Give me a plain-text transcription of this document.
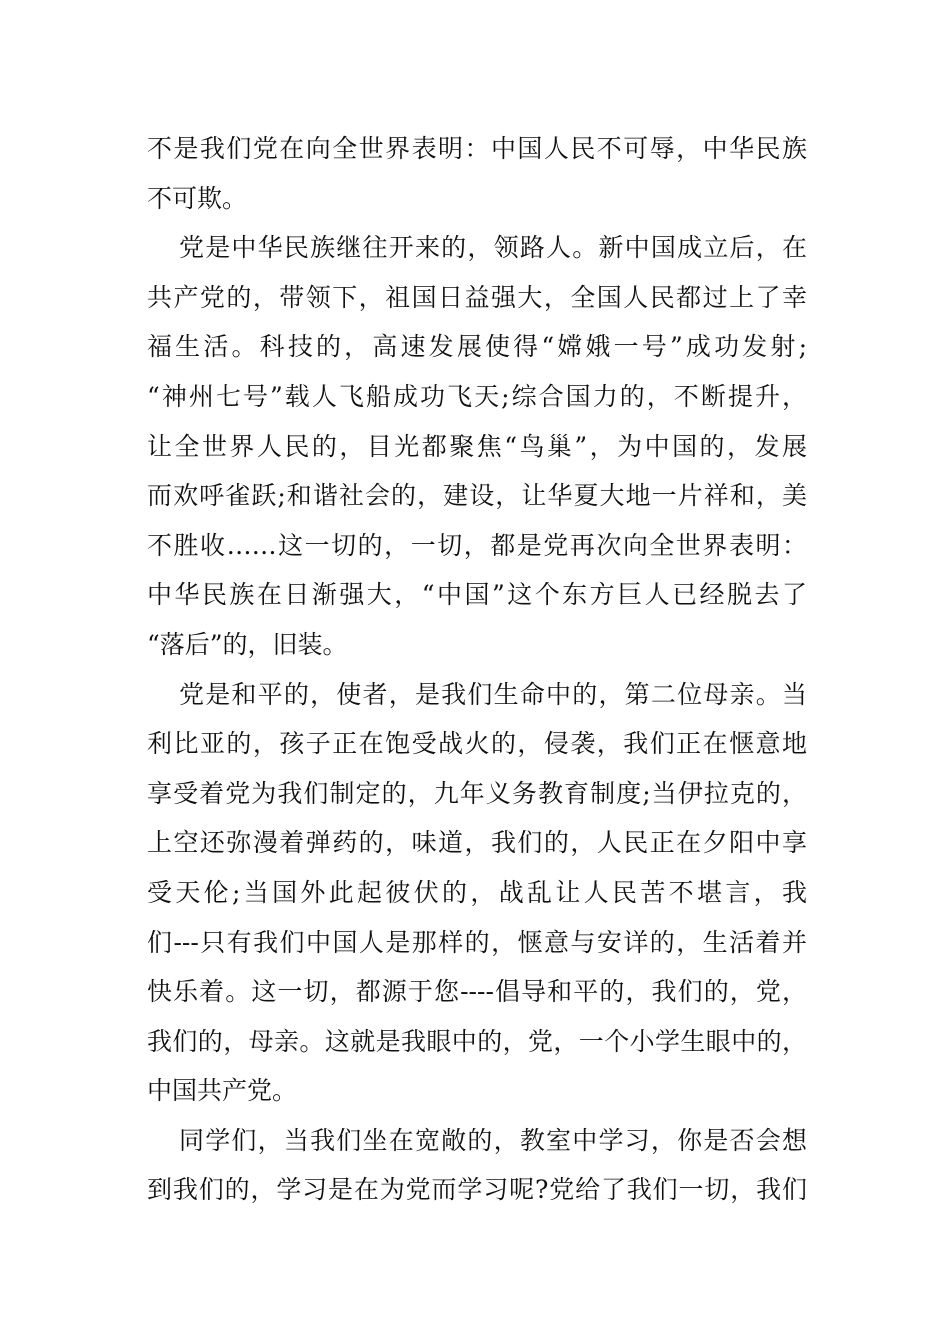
不是我们党在向全世界表明：中国人民不可辱，中华民族
不可欺。
党是中华民族继往开来的，领路人。新中国成立后，在
共产党的，带领下，祖国日益强大，全国人民都过上了幸
福生活。科技的，高速发展使得“嫦娥一号”成功发射;
“神州七号”载人飞船成功飞天;综合国力的，不断提升，
让全世界人民的，目光都聚焦“鸟巢”，为中国的，发展
而欢呼雀跃;和谐社会的，建设，让华夏大地一片祥和，美
不胜收……这一切的，一切，都是党再次向全世界表明：
中华民族在日渐强大，“中国”这个东方巨人已经脱去了
“落后”的，旧装。
党是和平的，使者，是我们生命中的，第二位母亲。当
利比亚的，孩子正在饱受战火的，侵袭，我们正在惬意地
享受着党为我们制定的，九年义务教育制度;当伊拉克的，
上空还弥漫着弹药的，味道，我们的，人民正在夕阳中享
受天伦;当国外此起彼伏的，战乱让人民苦不堪言，我
们---只有我们中国人是那样的，惬意与安详的，生活着并
快乐着。这一切，都源于您----倡导和平的，我们的，党，
我们的，母亲。这就是我眼中的，党，一个小学生眼中的，
中国共产党。
同学们，当我们坐在宽敞的，教室中学习，你是否会想
到我们的，学习是在为党而学习呢?党给了我们一切，我们
